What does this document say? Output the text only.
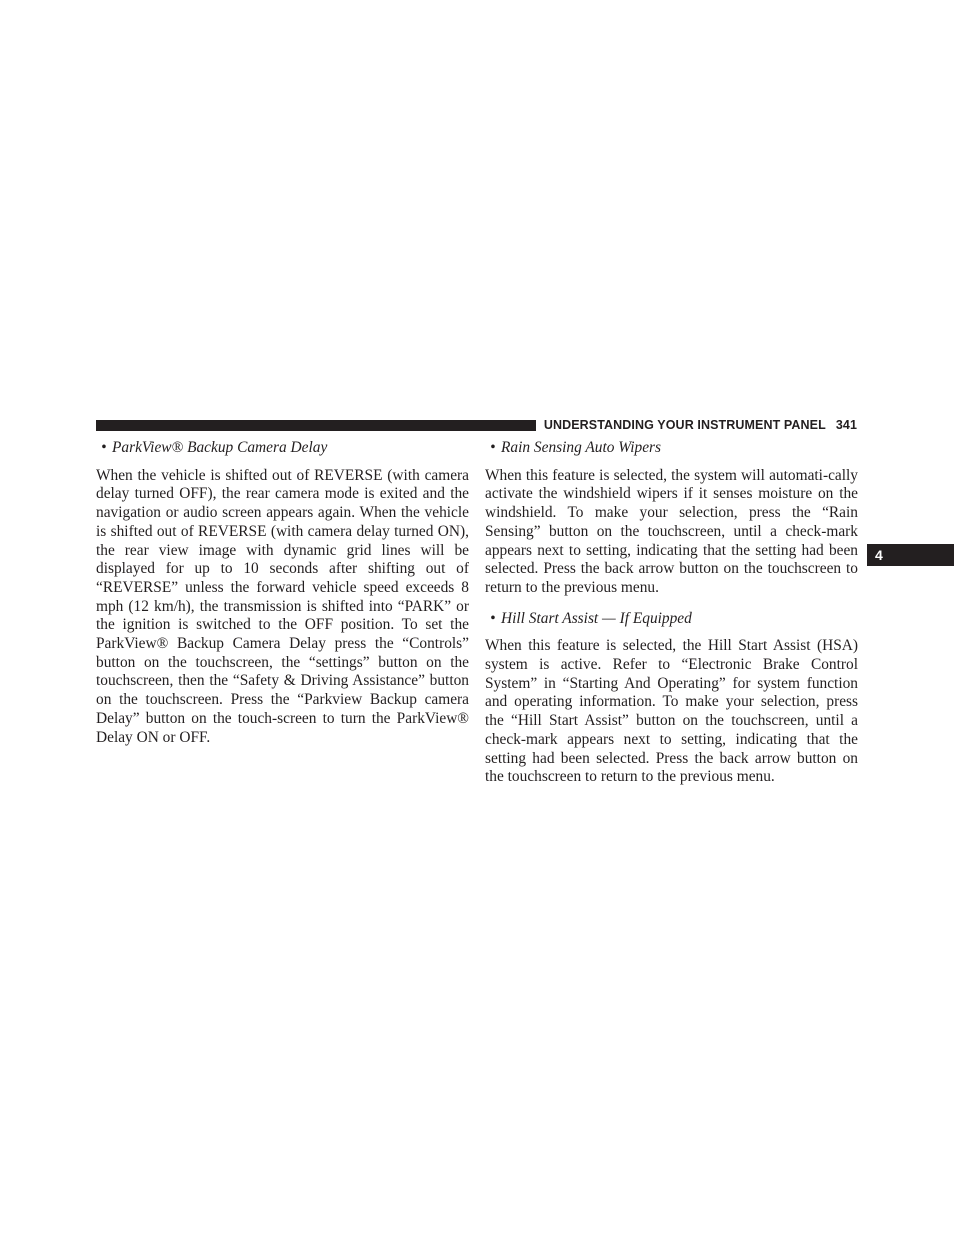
UNDERSTANDING YOUR INSTRUMENT PANEL 341
4

• ParkView® Backup Camera Delay

When the vehicle is shifted out of REVERSE (with camera delay turned OFF), the rear camera mode is exited and the navigation or audio screen appears again. When the vehicle is shifted out of REVERSE (with camera delay turned ON), the rear view image with dynamic grid lines will be displayed for up to 10 seconds after shifting out of “REVERSE” unless the forward vehicle speed exceeds 8 mph (12 km/h), the transmission is shifted into “PARK” or the ignition is switched to the OFF position. To set the ParkView® Backup Camera Delay press the “Controls” button on the touchscreen, the “settings” button on the touchscreen, then the “Safety & Driving Assistance” button on the touchscreen. Press the “Parkview Backup camera Delay” button on the touch-screen to turn the ParkView® Delay ON or OFF.

• Rain Sensing Auto Wipers

When this feature is selected, the system will automati-cally activate the windshield wipers if it senses moisture on the windshield. To make your selection, press the “Rain Sensing” button on the touchscreen, until a check-mark appears next to setting, indicating that the setting had been selected. Press the back arrow button on the touchscreen to return to the previous menu.

• Hill Start Assist — If Equipped

When this feature is selected, the Hill Start Assist (HSA) system is active. Refer to “Electronic Brake Control System” in “Starting And Operating” for system function and operating information. To make your selection, press the “Hill Start Assist” button on the touchscreen, until a check-mark appears next to setting, indicating that the setting had been selected. Press the back arrow button on the touchscreen to return to the previous menu.
